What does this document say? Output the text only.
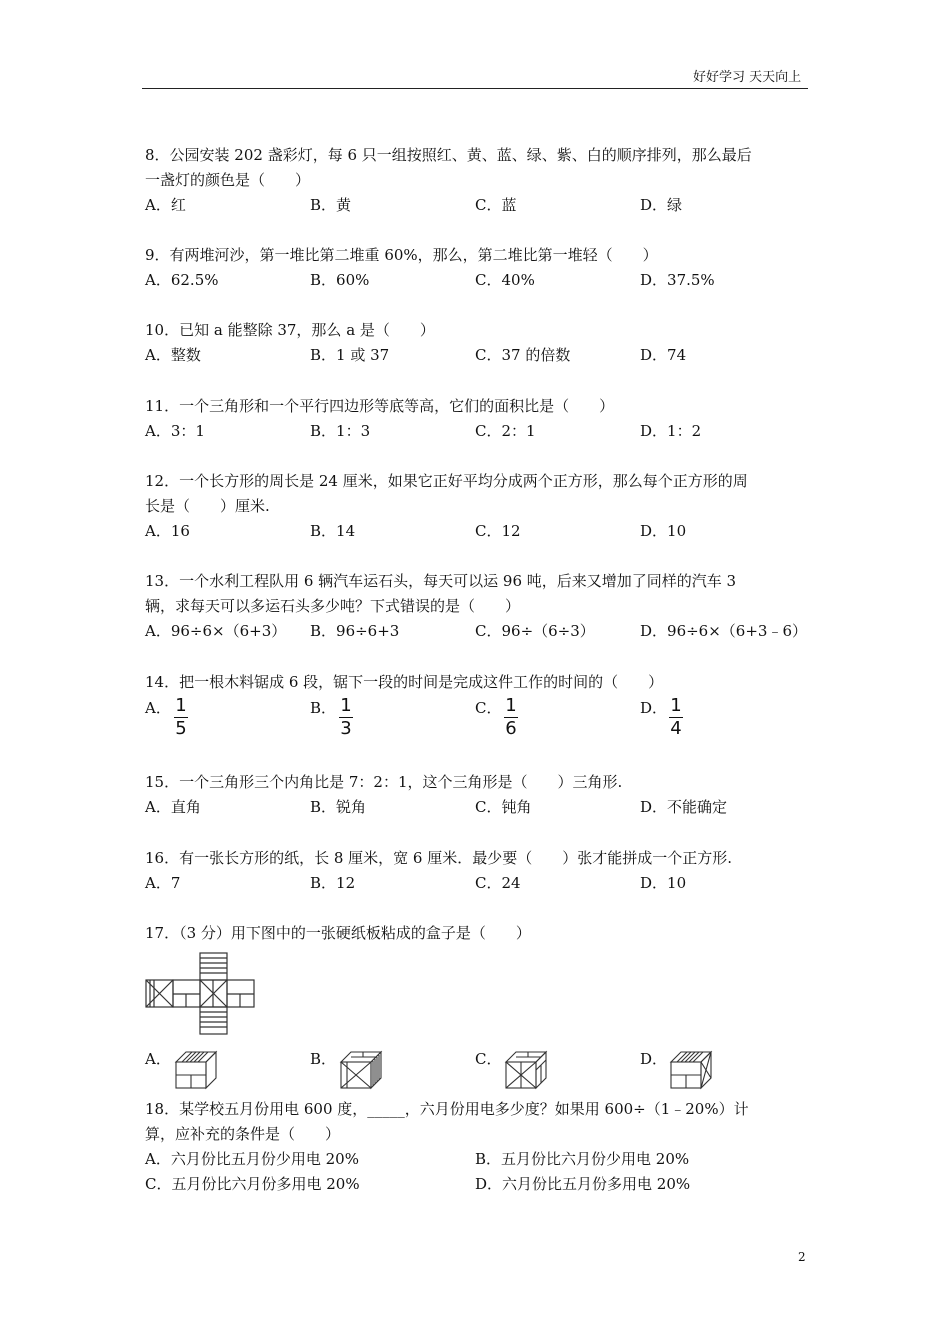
好好学习 天天向上
8．公园安装 202 盏彩灯，每 6 只一组按照红、黄、蓝、绿、紫、白的顺序排列，那么最后
一盏灯的颜色是（　　）
A．红	B．黄	C．蓝	D．绿
9．有两堆河沙，第一堆比第二堆重 60%，那么，第二堆比第一堆轻（　　）
A．62.5%	B．60%	C．40%	D．37.5%
10．已知 a 能整除 37，那么 a 是（　　）
A．整数	B．1 或 37	C．37 的倍数	D．74
11．一个三角形和一个平行四边形等底等高，它们的面积比是（　　）
A．3：1	B．1：3	C．2：1	D．1：2
12．一个长方形的周长是 24 厘米，如果它正好平均分成两个正方形，那么每个正方形的周
长是（　　）厘米.
A．16	B．14	C．12	D．10
13．一个水利工程队用 6 辆汽车运石头，每天可以运 96 吨，后来又增加了同样的汽车 3
辆，求每天可以多运石头多少吨？下式错误的是（　　）
A．96÷6×（6+3） B．96÷6+3	C．96÷（6÷3）	D．96÷6×（6+3﹣6）
14．把一根木料锯成 6 段，锯下一段的时间是完成这件工作的时间的（　　）
A． 1
5
B． 1
3
C． 1
6
D． 1
4
15．一个三角形三个内角比是 7：2：1，这个三角形是（　　）三角形.
A．直角	B．锐角	C．钝角	D．不能确定
16．有一张长方形的纸，长 8 厘米，宽 6 厘米．最少要（　　）张才能拼成一个正方形.
A．7	B．12	C．24	D．10
17．（3 分）用下图中的一张硬纸板粘成的盒子是（　　）
A．	B．	C．	D．
18．某学校五月份用电 600 度，_____，六月份用电多少度？如果用 600÷（1﹣20%）计
算，应补充的条件是（　　）
A．六月份比五月份少用电 20%	B．五月份比六月份少用电 20%
C．五月份比六月份多用电 20%	D．六月份比五月份多用电 20%
2
